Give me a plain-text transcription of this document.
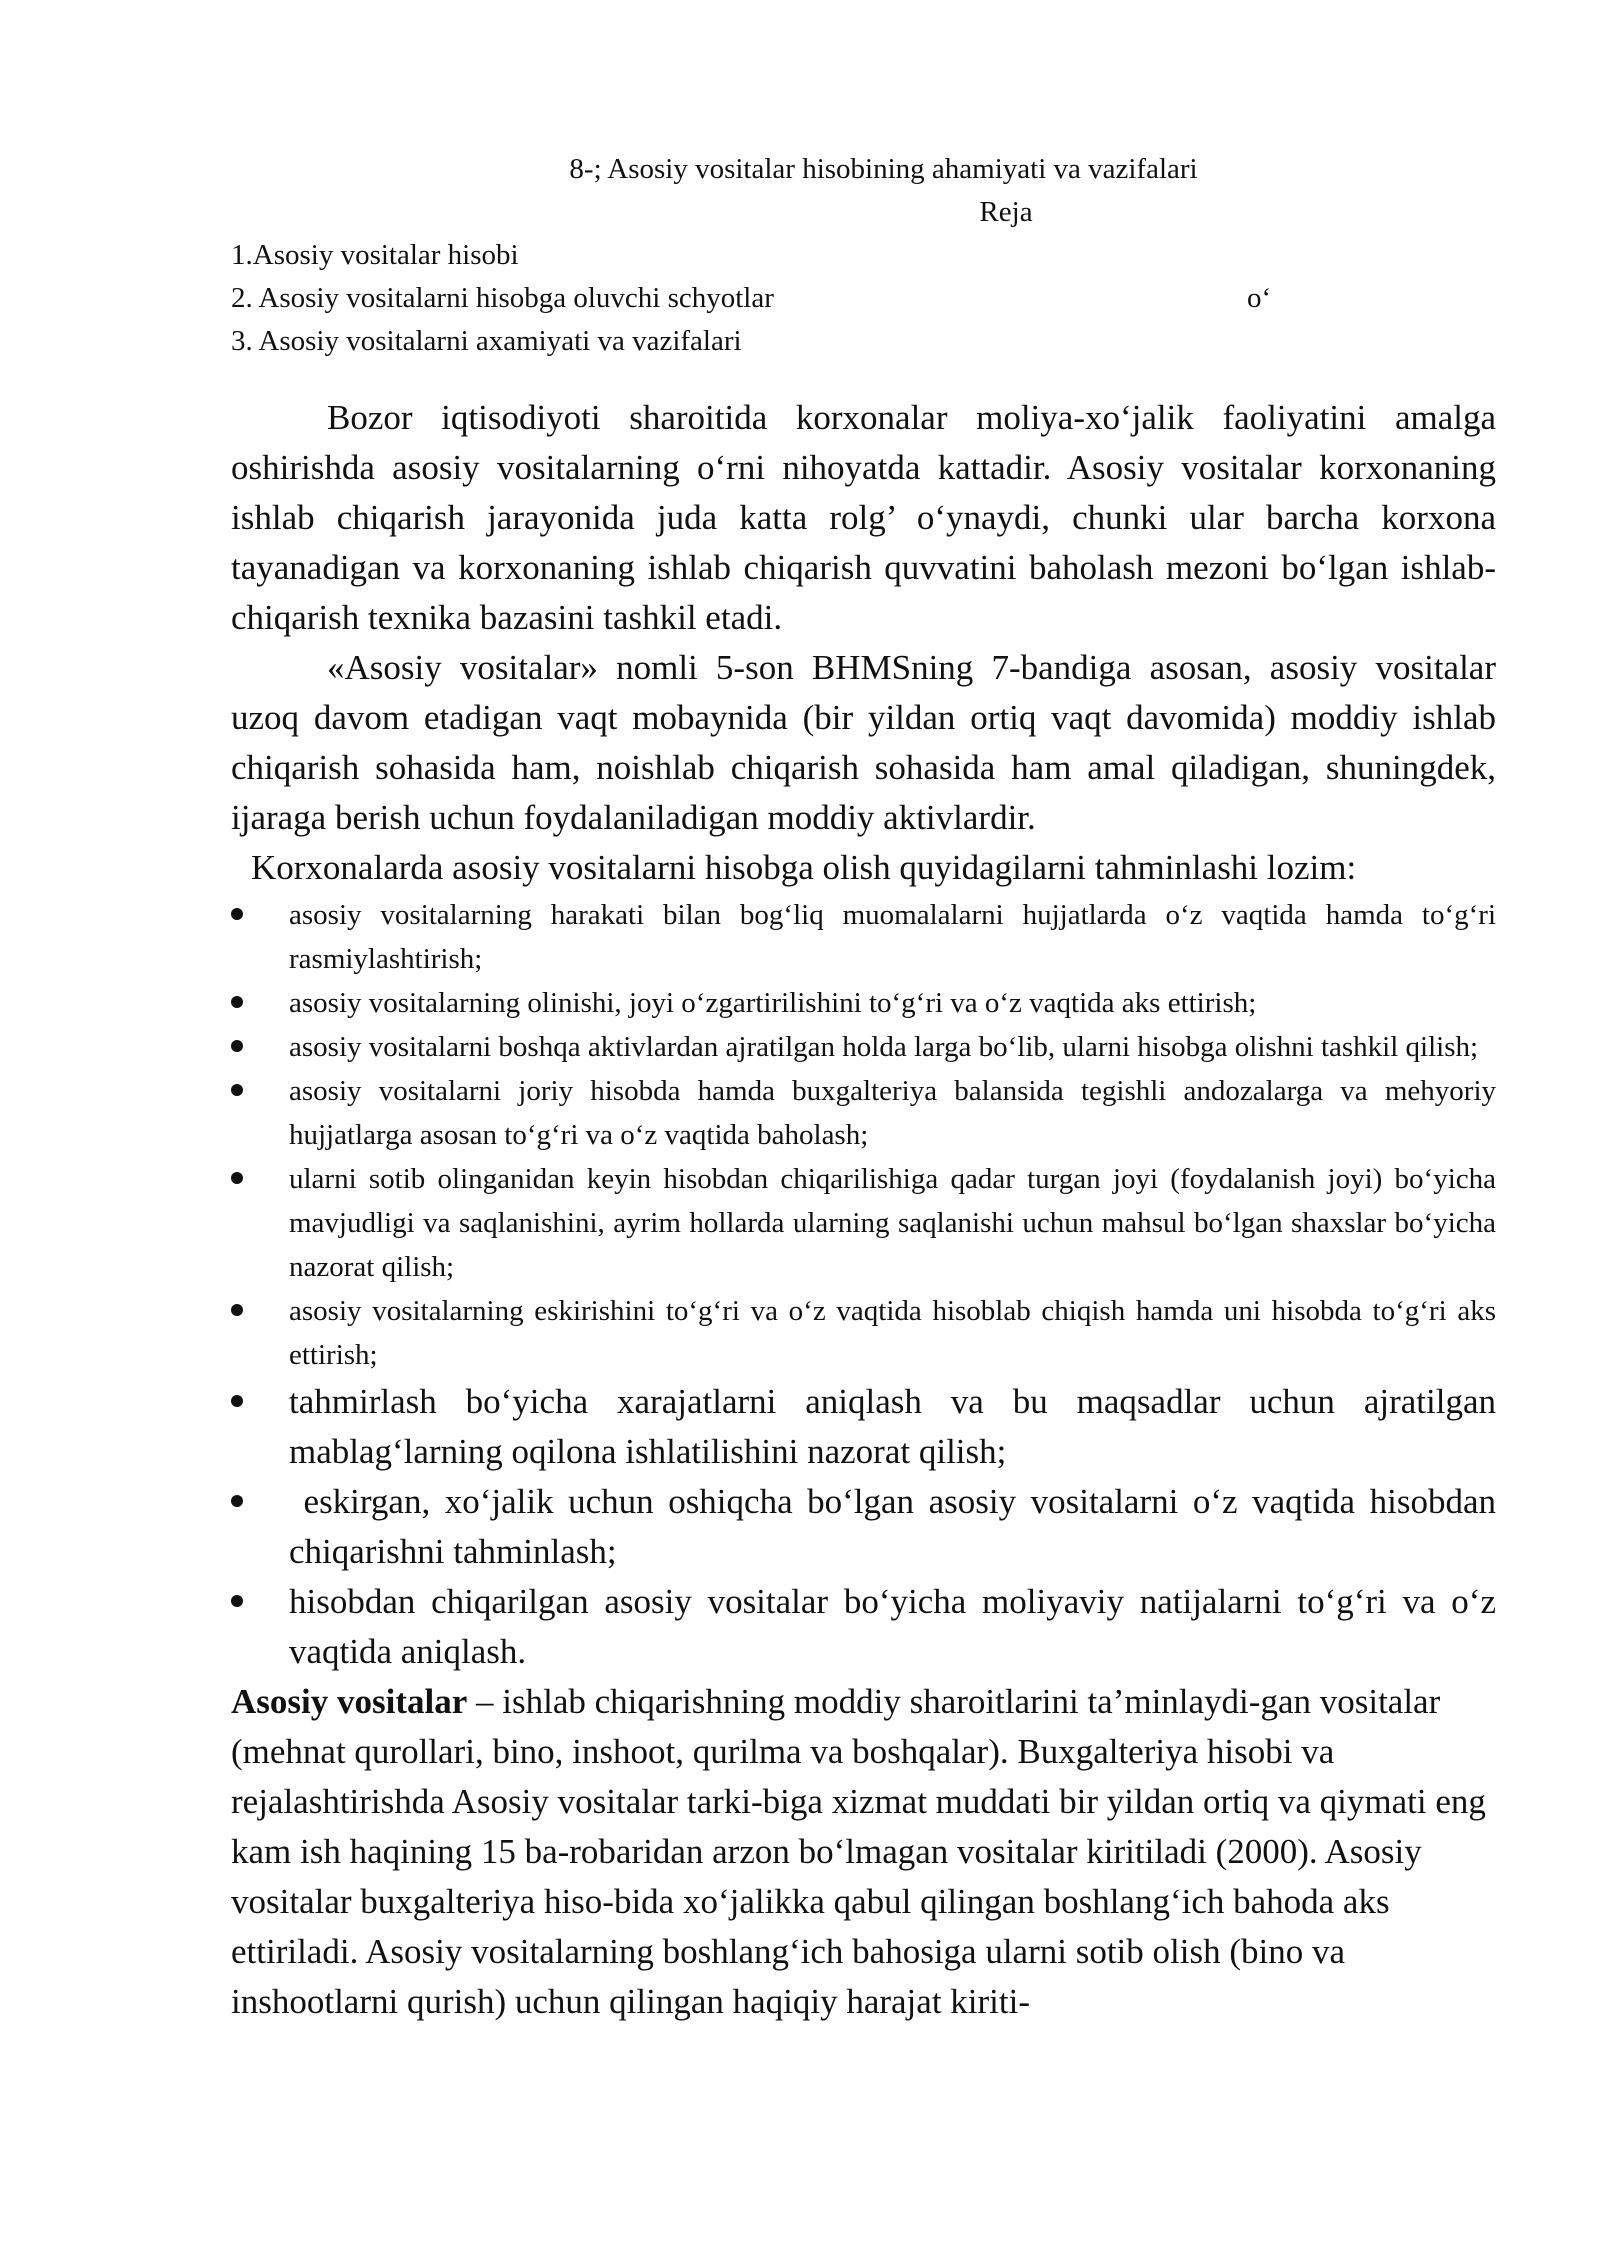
8-; Asosiy vositalar hisobining ahamiyati va vazifalari

Reja

1.Asosiy vositalar hisobi
2. Asosiy vositalarni hisobga oluvchi schyotlar	o‘
3. Asosiy vositalarni axamiyati va vazifalari

Bozor iqtisodiyoti sharoitida korxonalar moliya-xo‘jalik faoliyatini amalga oshirishda asosiy vositalarning o‘rni nihoyatda kattadir. Asosiy vositalar korxonaning ishlab chiqarish jarayonida juda katta rolg’ o‘ynaydi, chunki ular barcha korxona tayanadigan va korxonaning ishlab chiqarish quvvatini baholash mezoni bo‘lgan ishlab-chiqarish texnika bazasini tashkil etadi.

«Asosiy vositalar» nomli 5-son BHMSning 7-bandiga asosan, asosiy vositalar uzoq davom etadigan vaqt mobaynida (bir yildan ortiq vaqt davomida) moddiy ishlab chiqarish sohasida ham, noishlab chiqarish sohasida ham amal qiladigan, shuningdek, ijaraga berish uchun foydalaniladigan moddiy aktivlardir.

Korxonalarda asosiy vositalarni hisobga olish quyidagilarni tahminlashi lozim:

asosiy vositalarning harakati bilan bog‘liq muomalalarni hujjatlarda o‘z vaqtida hamda to‘g‘ri rasmiylashtirish;
asosiy vositalarning olinishi, joyi o‘zgartirilishini to‘g‘ri va o‘z vaqtida aks ettirish;
asosiy vositalarni boshqa aktivlardan ajratilgan holda larga bo‘lib, ularni hisobga olishni tashkil qilish;
asosiy vositalarni joriy hisobda hamda buxgalteriya balansida tegishli andozalarga va mehyoriy hujjatlarga asosan to‘g‘ri va o‘z vaqtida baholash;
ularni sotib olinganidan keyin hisobdan chiqarilishiga qadar turgan joyi (foydalanish joyi) bo‘yicha mavjudligi va saqlanishini, ayrim hollarda ularning saqlanishi uchun mahsul bo‘lgan shaxslar bo‘yicha nazorat qilish;
asosiy vositalarning eskirishini to‘g‘ri va o‘z vaqtida hisoblab chiqish hamda uni hisobda to‘g‘ri aks ettirish;
tahmirlash bo‘yicha xarajatlarni aniqlash va bu maqsadlar uchun ajratilgan mablag‘larning oqilona ishlatilishini nazorat qilish;
eskirgan, xo‘jalik uchun oshiqcha bo‘lgan asosiy vositalarni o‘z vaqtida hisobdan chiqarishni tahminlash;
hisobdan chiqarilgan asosiy vositalar bo‘yicha moliyaviy natijalarni to‘g‘ri va o‘z vaqtida aniqlash.

Asosiy vositalar – ishlab chiqarishning moddiy sharoitlarini ta’minlaydi-gan vositalar (mehnat qurollari, bino, inshoot, qurilma va boshqalar). Buxgalteriya hisobi va rejalashtirishda Asosiy vositalar tarki-biga xizmat muddati bir yildan ortiq va qiymati eng kam ish haqining 15 ba-robaridan arzon bo‘lmagan vositalar kiritiladi (2000). Asosiy vositalar buxgalteriya hiso-bida xo‘jalikka qabul qilingan boshlang‘ich bahoda aks ettiriladi. Asosiy vositalarning boshlang‘ich bahosiga ularni sotib olish (bino va inshootlarni qurish) uchun qilingan haqiqiy harajat kiriti-
